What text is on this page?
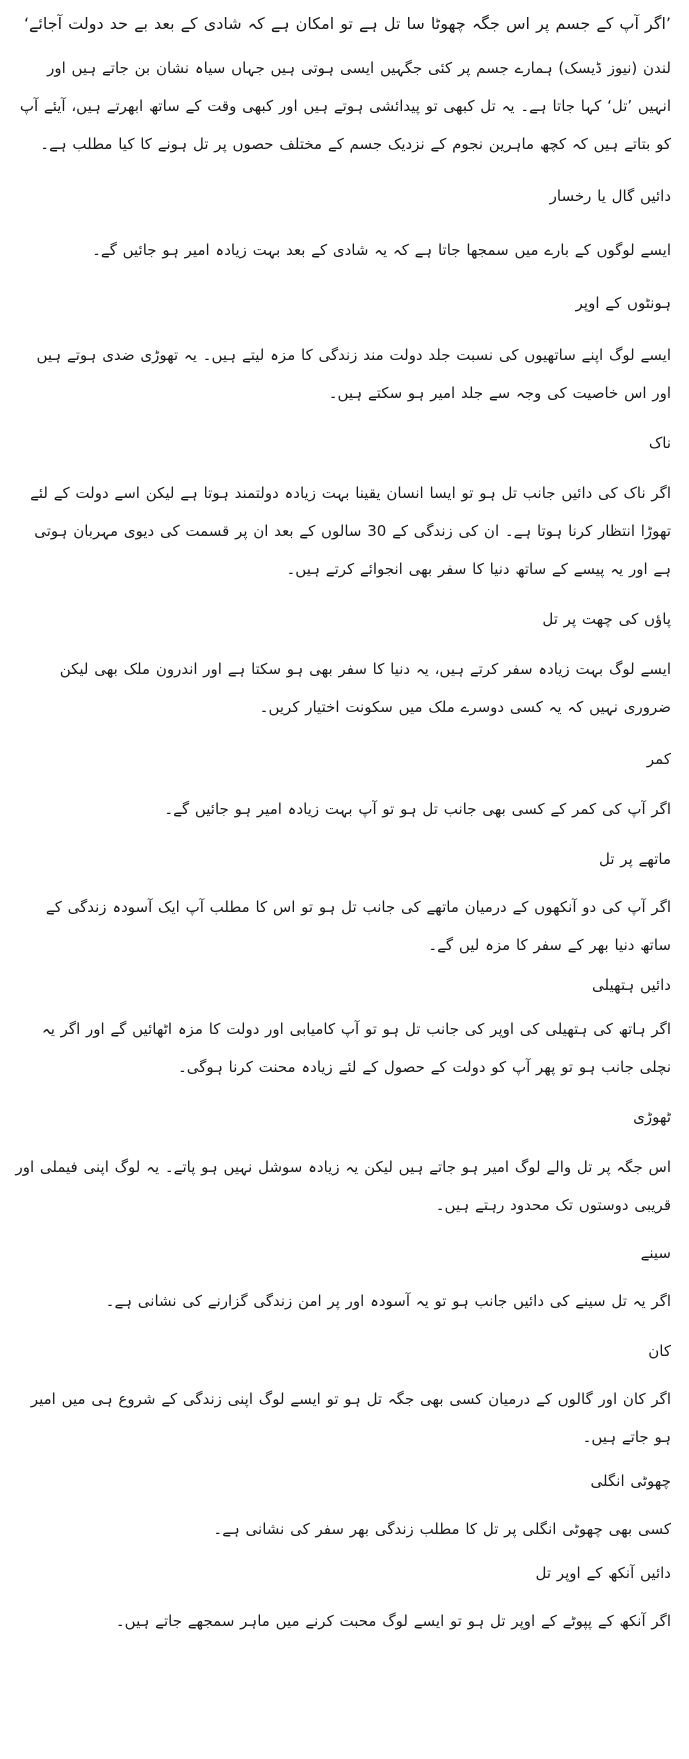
’اگر آپ کے جسم پر اس جگہ چھوٹا سا تل ہے تو امکان ہے کہ شادی کے بعد بے حد دولت آجائے‘

لندن (نیوز ڈیسک) ہمارے جسم پر کئی جگہیں ایسی ہوتی ہیں جہاں سیاہ نشان بن جاتے ہیں اور انہیں ’تل‘ کہا جاتا ہے۔ یہ تل کبھی تو پیدائشی ہوتے ہیں اور کبھی وقت کے ساتھ ابھرتے ہیں، آیئے آپ کو بتاتے ہیں کہ کچھ ماہرین نجوم کے نزدیک جسم کے مختلف حصوں پر تل ہونے کا کیا مطلب ہے۔

دائیں گال یا رخسار

ایسے لوگوں کے بارے میں سمجھا جاتا ہے کہ یہ شادی کے بعد بہت زیادہ امیر ہو جائیں گے۔

ہونٹوں کے اوپر

ایسے لوگ اپنے ساتھیوں کی نسبت جلد دولت مند زندگی کا مزہ لیتے ہیں۔ یہ تھوڑی ضدی ہوتے ہیں اور اس خاصیت کی وجہ سے جلد امیر ہو سکتے ہیں۔

ناک

اگر ناک کی دائیں جانب تل ہو تو ایسا انسان یقینا بہت زیادہ دولتمند ہوتا ہے لیکن اسے دولت کے لئے تھوڑا انتظار کرنا ہوتا ہے۔ ان کی زندگی کے 30 سالوں کے بعد ان پر قسمت کی دیوی مہربان ہوتی ہے اور یہ پیسے کے ساتھ دنیا کا سفر بھی انجوائے کرتے ہیں۔

پاؤں کی چھت پر تل

ایسے لوگ بہت زیادہ سفر کرتے ہیں، یہ دنیا کا سفر بھی ہو سکتا ہے اور اندرون ملک بھی لیکن ضروری نہیں کہ یہ کسی دوسرے ملک میں سکونت اختیار کریں۔

کمر

اگر آپ کی کمر کے کسی بھی جانب تل ہو تو آپ بہت زیادہ امیر ہو جائیں گے۔

ماتھے پر تل

اگر آپ کی دو آنکھوں کے درمیان ماتھے کی جانب تل ہو تو اس کا مطلب آپ ایک آسودہ زندگی کے ساتھ دنیا بھر کے سفر کا مزہ لیں گے۔

دائیں ہتھیلی

اگر ہاتھ کی ہتھیلی کی اوپر کی جانب تل ہو تو آپ کامیابی اور دولت کا مزہ اٹھائیں گے اور اگر یہ نچلی جانب ہو تو پھر آپ کو دولت کے حصول کے لئے زیادہ محنت کرنا ہوگی۔

ٹھوڑی

اس جگہ پر تل والے لوگ امیر ہو جاتے ہیں لیکن یہ زیادہ سوشل نہیں ہو پاتے۔ یہ لوگ اپنی فیملی اور قریبی دوستوں تک محدود رہتے ہیں۔

سینے

اگر یہ تل سینے کی دائیں جانب ہو تو یہ آسودہ اور پر امن زندگی گزارنے کی نشانی ہے۔

کان

اگر کان اور گالوں کے درمیان کسی بھی جگہ تل ہو تو ایسے لوگ اپنی زندگی کے شروع ہی میں امیر ہو جاتے ہیں۔

چھوٹی انگلی

کسی بھی چھوٹی انگلی پر تل کا مطلب زندگی بھر سفر کی نشانی ہے۔

دائیں آنکھ کے اوپر تل

اگر آنکھ کے پپوٹے کے اوپر تل ہو تو ایسے لوگ محبت کرنے میں ماہر سمجھے جاتے ہیں۔
